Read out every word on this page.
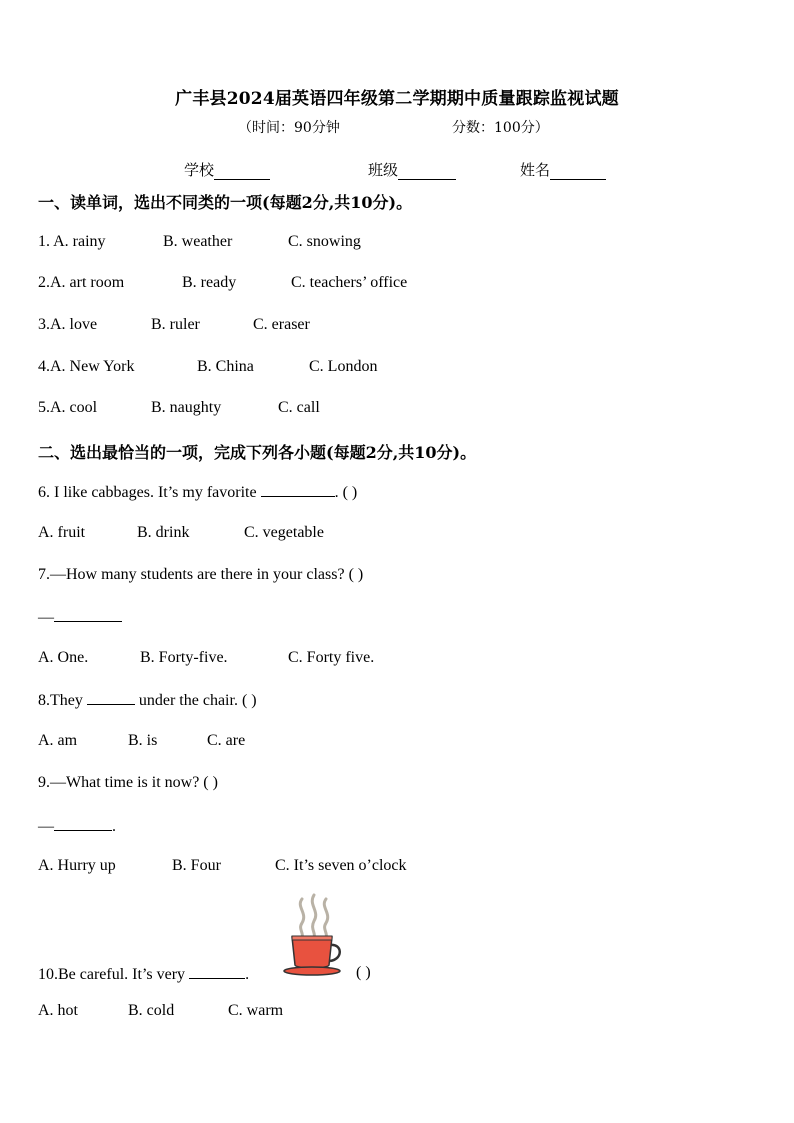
广丰县2024届英语四年级第二学期期中质量跟踪监视试题
（时间：90分钟	分数：100分）
学校	班级	姓名
一、读单词，选出不同类的一项(每题2分,共10分)。
1. A. rainy	B. weather	C. snowing
2.A. art room	B. ready	C. teachers’ office
3.A. love	B. ruler	C. eraser
4.A. New York	B. China	C. London
5.A. cool	B. naughty	C. call
二、选出最恰当的一项，完成下列各小题(每题2分,共10分)。
6. I like cabbages. It’s my favorite	. ( )
A. fruit	B. drink	C. vegetable
7.—How many students are there in your class? ( )
—
A. One.	B. Forty-five.	C. Forty five.
8.They	under the chair. ( )
A. am	B. is	C. are
9.—What time is it now? ( )
—	.
A. Hurry up	B. Four	C. It’s seven o’clock
10.Be careful. It’s very	.	( )
A. hot	B. cold	C. warm
